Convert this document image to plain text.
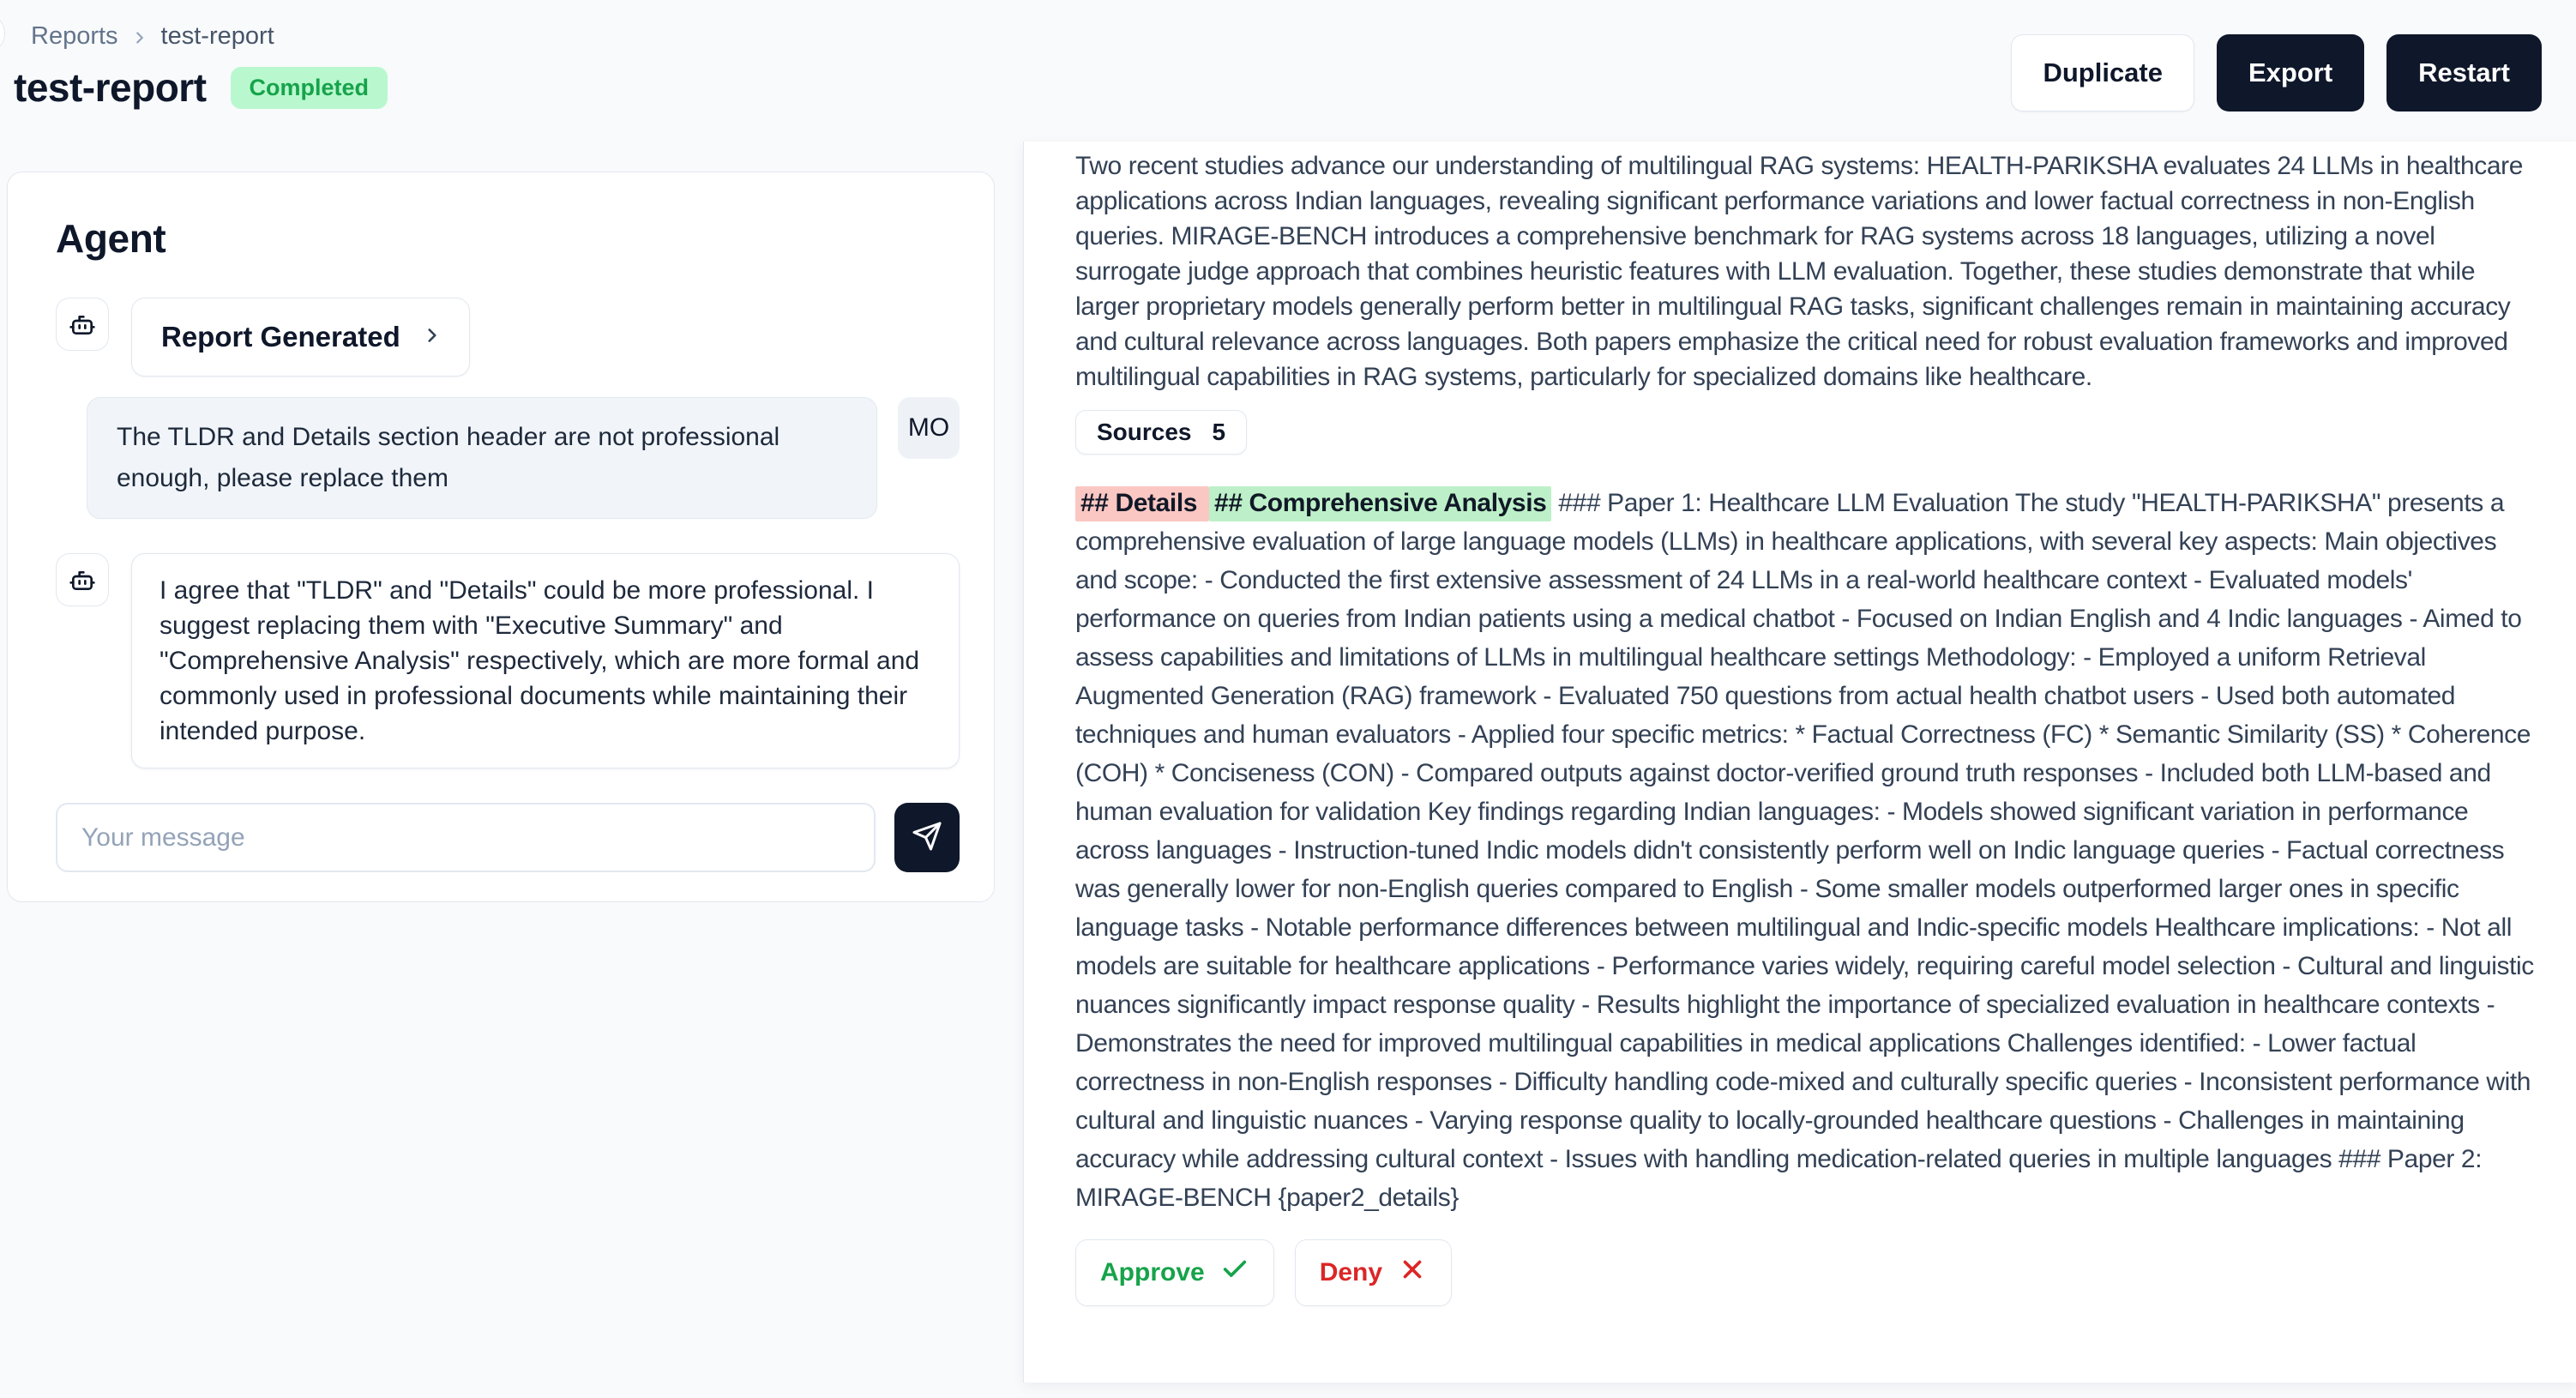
Reports test-report
test-report	Completed	Duplicate	Export	Restart
Agent
Report Generated
The TLDR and Details section header are not professional enough, please replace them
MO
I agree that "TLDR" and "Details" could be more professional. I suggest replacing them with "Executive Summary" and "Comprehensive Analysis" respectively, which are more formal and commonly used in professional documents while maintaining their intended purpose.
Your message

Two recent studies advance our understanding of multilingual RAG systems: HEALTH-PARIKSHA evaluates 24 LLMs in healthcare applications across Indian languages, revealing significant performance variations and lower factual correctness in non-English queries. MIRAGE-BENCH introduces a comprehensive benchmark for RAG systems across 18 languages, utilizing a novel surrogate judge approach that combines heuristic features with LLM evaluation. Together, these studies demonstrate that while larger proprietary models generally perform better in multilingual RAG tasks, significant challenges remain in maintaining accuracy and cultural relevance across languages. Both papers emphasize the critical need for robust evaluation frameworks and improved multilingual capabilities in RAG systems, particularly for specialized domains like healthcare.

Sources 5

## Details ## Comprehensive Analysis ### Paper 1: Healthcare LLM Evaluation The study "HEALTH-PARIKSHA" presents a comprehensive evaluation of large language models (LLMs) in healthcare applications, with several key aspects: Main objectives and scope: - Conducted the first extensive assessment of 24 LLMs in a real-world healthcare context - Evaluated models' performance on queries from Indian patients using a medical chatbot - Focused on Indian English and 4 Indic languages - Aimed to assess capabilities and limitations of LLMs in multilingual healthcare settings Methodology: - Employed a uniform Retrieval Augmented Generation (RAG) framework - Evaluated 750 questions from actual health chatbot users - Used both automated techniques and human evaluators - Applied four specific metrics: * Factual Correctness (FC) * Semantic Similarity (SS) * Coherence (COH) * Conciseness (CON) - Compared outputs against doctor-verified ground truth responses - Included both LLM-based and human evaluation for validation Key findings regarding Indian languages: - Models showed significant variation in performance across languages - Instruction-tuned Indic models didn't consistently perform well on Indic language queries - Factual correctness was generally lower for non-English queries compared to English - Some smaller models outperformed larger ones in specific language tasks - Notable performance differences between multilingual and Indic-specific models Healthcare implications: - Not all models are suitable for healthcare applications - Performance varies widely, requiring careful model selection - Cultural and linguistic nuances significantly impact response quality - Results highlight the importance of specialized evaluation in healthcare contexts - Demonstrates the need for improved multilingual capabilities in medical applications Challenges identified: - Lower factual correctness in non-English responses - Difficulty handling code-mixed and culturally specific queries - Inconsistent performance with cultural and linguistic nuances - Varying response quality to locally-grounded healthcare questions - Challenges in maintaining accuracy while addressing cultural context - Issues with handling medication-related queries in multiple languages ### Paper 2: MIRAGE-BENCH {paper2_details}

Approve	Deny
